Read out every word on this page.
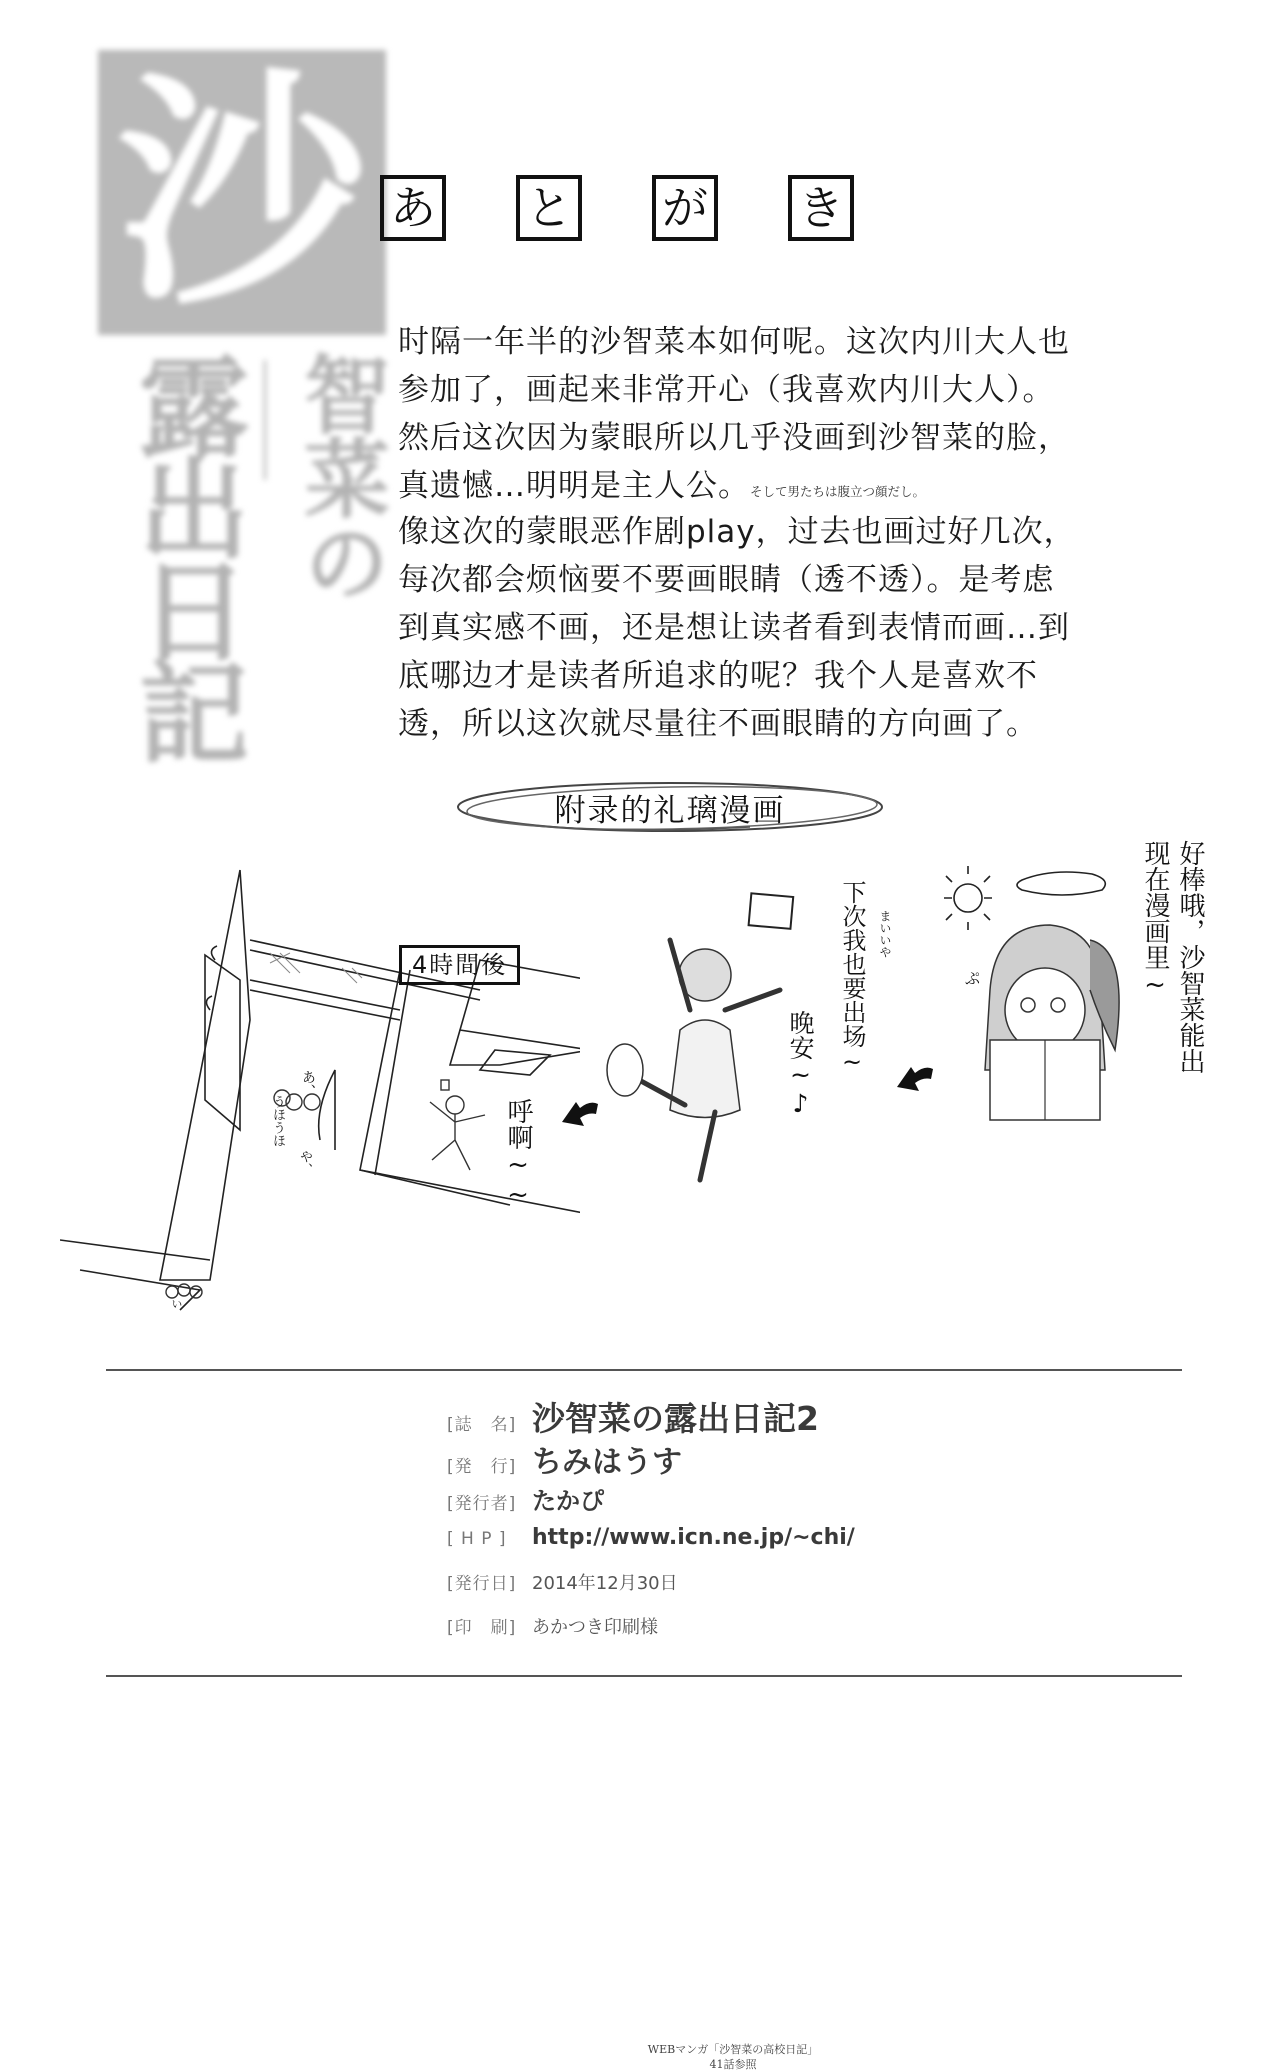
沙
智菜の
露出日記
あ と が き
时隔一年半的沙智菜本如何呢。这次内川大人也
参加了，画起来非常开心（我喜欢内川大人）。
然后这次因为蒙眼所以几乎没画到沙智菜的脸，
真遗憾…明明是主人公。そして男たちは腹立つ顔だし。
像这次的蒙眼恶作剧play，过去也画过好几次，
每次都会烦恼要不要画眼睛（透不透）。是考虑
到真实感不画，还是想让读者看到表情而画…到
底哪边才是读者所追求的呢？我个人是喜欢不
透，所以这次就尽量往不画眼睛的方向画了。
附录的礼璃漫画
4時間後
呼啊~~
あ、
うほうほ
や、
い
下次我也要出场~
晚安~♪
まいいや
WEBマンガ「沙智菜の高校日記」
41話参照
ぷ	好棒哦，沙智菜能出
现在漫画里~
[誌　名] 沙智菜の露出日記2
[発　行] ちみはうす
[発行者] たかぴ
[ H P ]	http://www.icn.ne.jp/~chi/
[発行日] 2014年12月30日
[印　刷] あかつき印刷様
